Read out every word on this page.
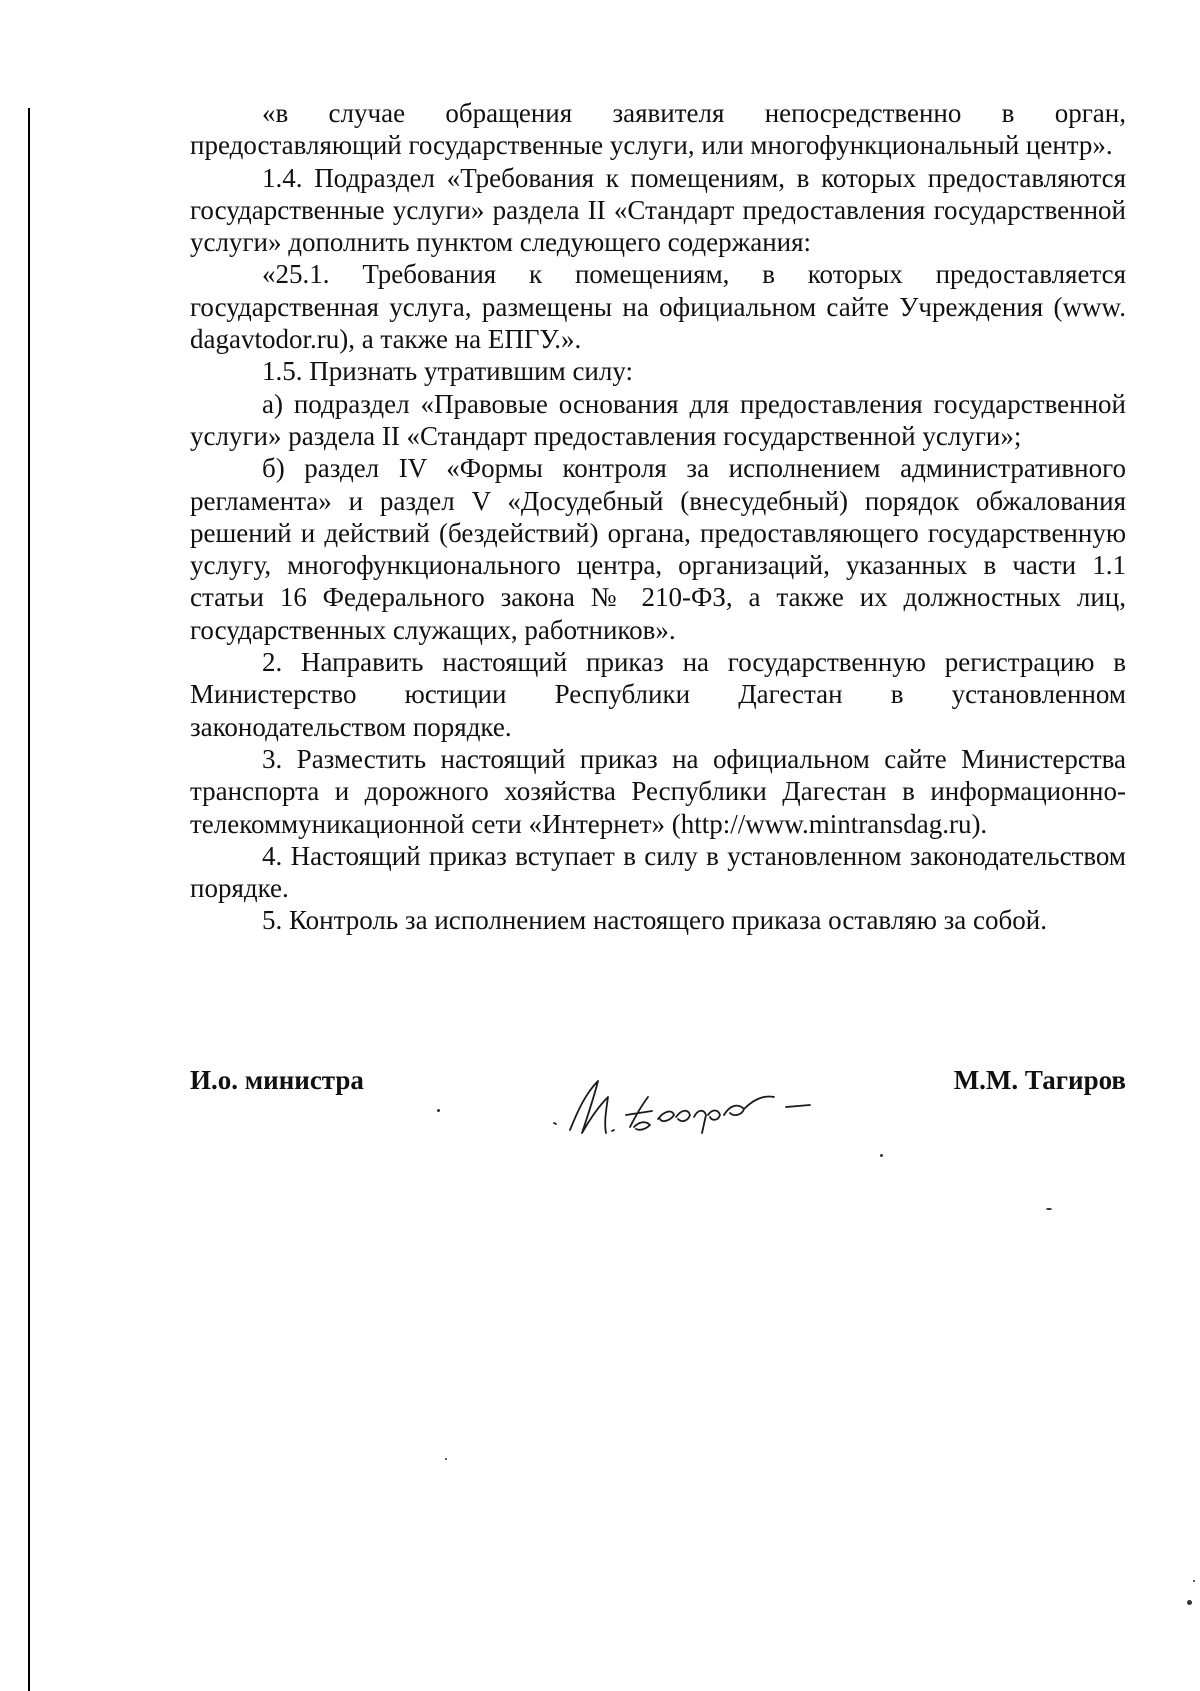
«в случае обращения заявителя непосредственно в орган, предоставляющий государственные услуги, или многофункциональный центр».

1.4. Подраздел «Требования к помещениям, в которых предоставляются государственные услуги» раздела II «Стандарт предоставления государственной услуги» дополнить пунктом следующего содержания:

«25.1. Требования к помещениям, в которых предоставляется государственная услуга, размещены на официальном сайте Учреждения (www. dagavtodor.ru), а также на ЕПГУ.».

1.5. Признать утратившим силу:

а) подраздел «Правовые основания для предоставления государственной услуги» раздела II «Стандарт предоставления государственной услуги»;

б) раздел IV «Формы контроля за исполнением административного регламента» и раздел V «Досудебный (внесудебный) порядок обжалования решений и действий (бездействий) органа, предоставляющего государственную услугу, многофункционального центра, организаций, указанных в части 1.1 статьи 16 Федерального закона № 210-ФЗ, а также их должностных лиц, государственных служащих, работников».

2. Направить настоящий приказ на государственную регистрацию в Министерство юстиции Республики Дагестан в установленном законодательством порядке.

3. Разместить настоящий приказ на официальном сайте Министерства транспорта и дорожного хозяйства Республики Дагестан в информационно-телекоммуникационной сети «Интернет» (http://www.mintransdag.ru).

4. Настоящий приказ вступает в силу в установленном законодательством порядке.

5. Контроль за исполнением настоящего приказа оставляю за собой.

И.о. министра	М.М. Тагиров
